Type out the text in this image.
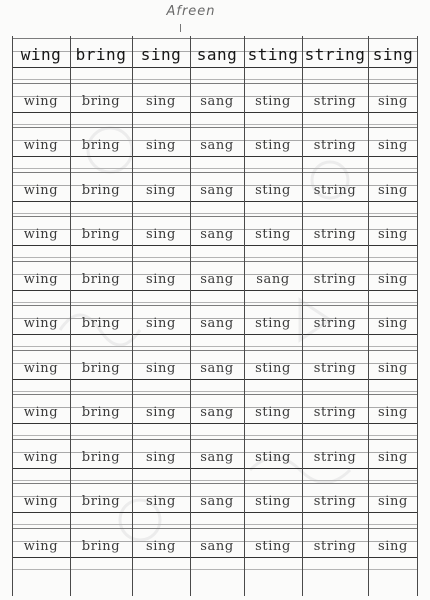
Afreen
wing bring sing sang sting string sing
wing	bring	sing	sang	sting	string	sing
wing	bring	sing	sang	sting	string	sing
wing	bring	sing	sang	sting	string	sing
wing	bring	sing	sang	sting	string	sing
wing	bring	sing	sang	sang	string	sing
wing	bring	sing	sang	sting	string	sing
wing	bring	sing	sang	sting	string	sing
wing	bring	sing	sang	sting	string	sing
wing	bring	sing	sang	sting	string	sing
wing	bring	sing	sang	sting	string	sing
wing	bring	sing	sang	sting	string	sing
